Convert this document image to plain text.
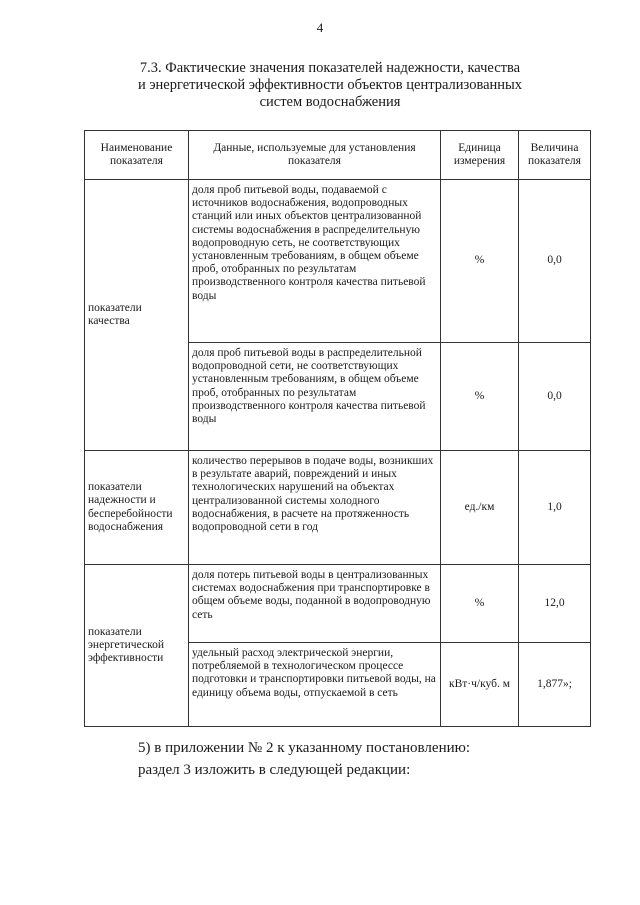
4
7.3. Фактические значения показателей надежности, качества
и энергетической эффективности объектов централизованных
систем водоснабжения
Наименование показателя	Данные, используемые для установления показателя	Единица измерения	Величина показателя
показатели качества	доля проб питьевой воды, подаваемой с источников водоснабжения, водопроводных станций или иных объектов централизованной системы водоснабжения в распределительную водопроводную сеть, не соответствующих установленным требованиям, в общем объеме проб, отобранных по результатам производственного контроля качества питьевой воды	%	0,0
	доля проб питьевой воды в распределительной водопроводной сети, не соответствующих установленным требованиям, в общем объеме проб, отобранных по результатам производственного контроля качества питьевой воды	%	0,0
показатели надежности и бесперебойности водоснабжения	количество перерывов в подаче воды, возникших в результате аварий, повреждений и иных технологических нарушений на объектах централизованной системы холодного водоснабжения, в расчете на протяженность водопроводной сети в год	ед./км	1,0
показатели энергетической эффективности	доля потерь питьевой воды в централизованных системах водоснабжения при транспортировке в общем объеме воды, поданной в водопроводную сеть	%	12,0
	удельный расход электрической энергии, потребляемой в технологическом процессе подготовки и транспортировки питьевой воды, на единицу объема воды, отпускаемой в сеть	кВт·ч/куб. м	1,877»;
5) в приложении № 2 к указанному постановлению:
раздел 3 изложить в следующей редакции:
